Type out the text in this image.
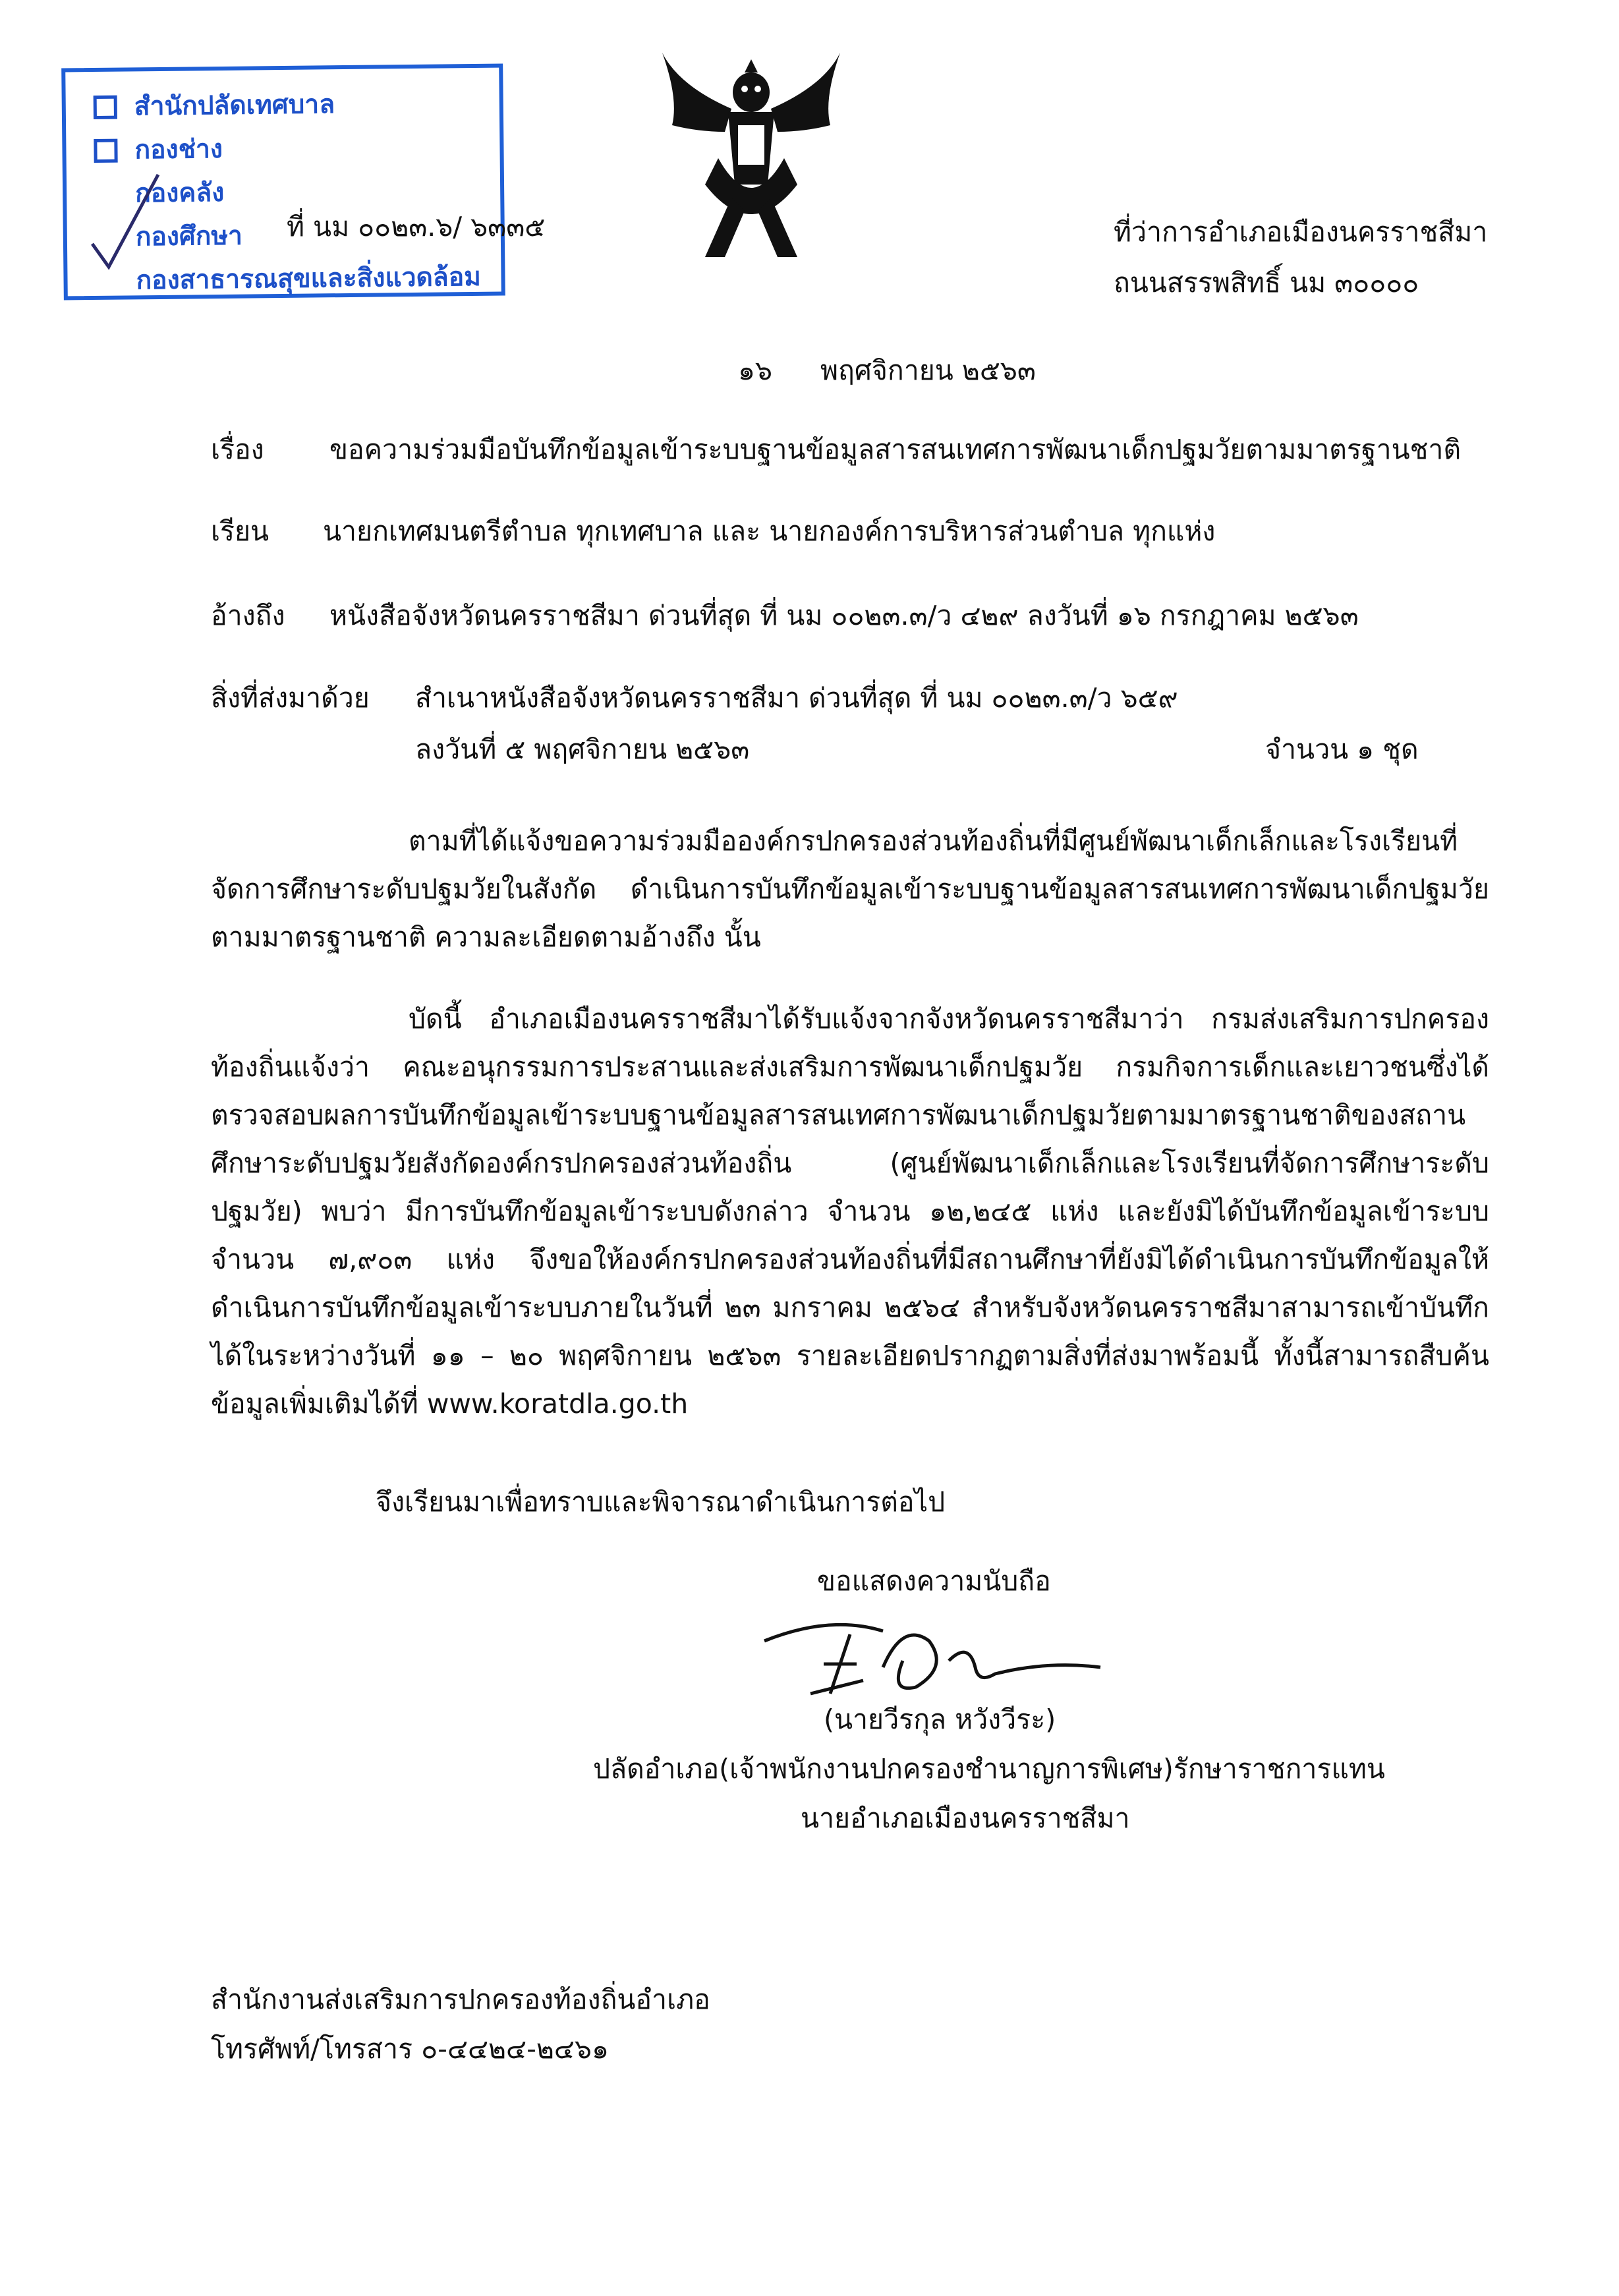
สำนักปลัดเทศบาล
กองช่าง
กองคลัง
กองศึกษา
กองสาธารณสุขและสิ่งแวดล้อม
ที่ นม ๐๐๒๓.๖/ ๖๓๓๕	ที่ว่าการอำเภอเมืองนครราชสีมา
ถนนสรรพสิทธิ์ นม ๓๐๐๐๐
๑๖ พฤศจิกายน ๒๕๖๓
เรื่อง ขอความร่วมมือบันทึกข้อมูลเข้าระบบฐานข้อมูลสารสนเทศการพัฒนาเด็กปฐมวัยตามมาตรฐานชาติ
เรียน นายกเทศมนตรีตำบล ทุกเทศบาล และ นายกองค์การบริหารส่วนตำบล ทุกแห่ง
อ้างถึง หนังสือจังหวัดนครราชสีมา ด่วนที่สุด ที่ นม ๐๐๒๓.๓/ว ๔๒๙ ลงวันที่ ๑๖ กรกฎาคม ๒๕๖๓
สิ่งที่ส่งมาด้วย สำเนาหนังสือจังหวัดนครราชสีมา ด่วนที่สุด ที่ นม ๐๐๒๓.๓/ว ๖๕๙
ลงวันที่ ๕ พฤศจิกายน ๒๕๖๓	จำนวน ๑ ชุด
ตามที่ได้แจ้งขอความร่วมมือองค์กรปกครองส่วนท้องถิ่นที่มีศูนย์พัฒนาเด็กเล็กและโรงเรียนที่จัดการศึกษาระดับปฐมวัยในสังกัด ดำเนินการบันทึกข้อมูลเข้าระบบฐานข้อมูลสารสนเทศการพัฒนาเด็กปฐมวัยตามมาตรฐานชาติ ความละเอียดตามอ้างถึง นั้น
บัดนี้ อำเภอเมืองนครราชสีมาได้รับแจ้งจากจังหวัดนครราชสีมาว่า กรมส่งเสริมการปกครองท้องถิ่นแจ้งว่า คณะอนุกรรมการประสานและส่งเสริมการพัฒนาเด็กปฐมวัย กรมกิจการเด็กและเยาวชนซึ่งได้ตรวจสอบผลการบันทึกข้อมูลเข้าระบบฐานข้อมูลสารสนเทศการพัฒนาเด็กปฐมวัยตามมาตรฐานชาติของสถานศึกษาระดับปฐมวัยสังกัดองค์กรปกครองส่วนท้องถิ่น (ศูนย์พัฒนาเด็กเล็กและโรงเรียนที่จัดการศึกษาระดับปฐมวัย) พบว่า มีการบันทึกข้อมูลเข้าระบบดังกล่าว จำนวน ๑๒,๒๔๕ แห่ง และยังมิได้บันทึกข้อมูลเข้าระบบ จำนวน ๗,๙๐๓ แห่ง จึงขอให้องค์กรปกครองส่วนท้องถิ่นที่มีสถานศึกษาที่ยังมิได้ดำเนินการบันทึกข้อมูลให้ดำเนินการบันทึกข้อมูลเข้าระบบภายในวันที่ ๒๓ มกราคม ๒๕๖๔ สำหรับจังหวัดนครราชสีมาสามารถเข้าบันทึกได้ในระหว่างวันที่ ๑๑ – ๒๐ พฤศจิกายน ๒๕๖๓ รายละเอียดปรากฏตามสิ่งที่ส่งมาพร้อมนี้ ทั้งนี้สามารถสืบค้นข้อมูลเพิ่มเติมได้ที่ www.koratdla.go.th
จึงเรียนมาเพื่อทราบและพิจารณาดำเนินการต่อไป
ขอแสดงความนับถือ
(นายวีรกุล หวังวีระ)
ปลัดอำเภอ(เจ้าพนักงานปกครองชำนาญการพิเศษ)รักษาราชการแทน
นายอำเภอเมืองนครราชสีมา
สำนักงานส่งเสริมการปกครองท้องถิ่นอำเภอ
โทรศัพท์/โทรสาร ๐-๔๔๒๔-๒๔๖๑
